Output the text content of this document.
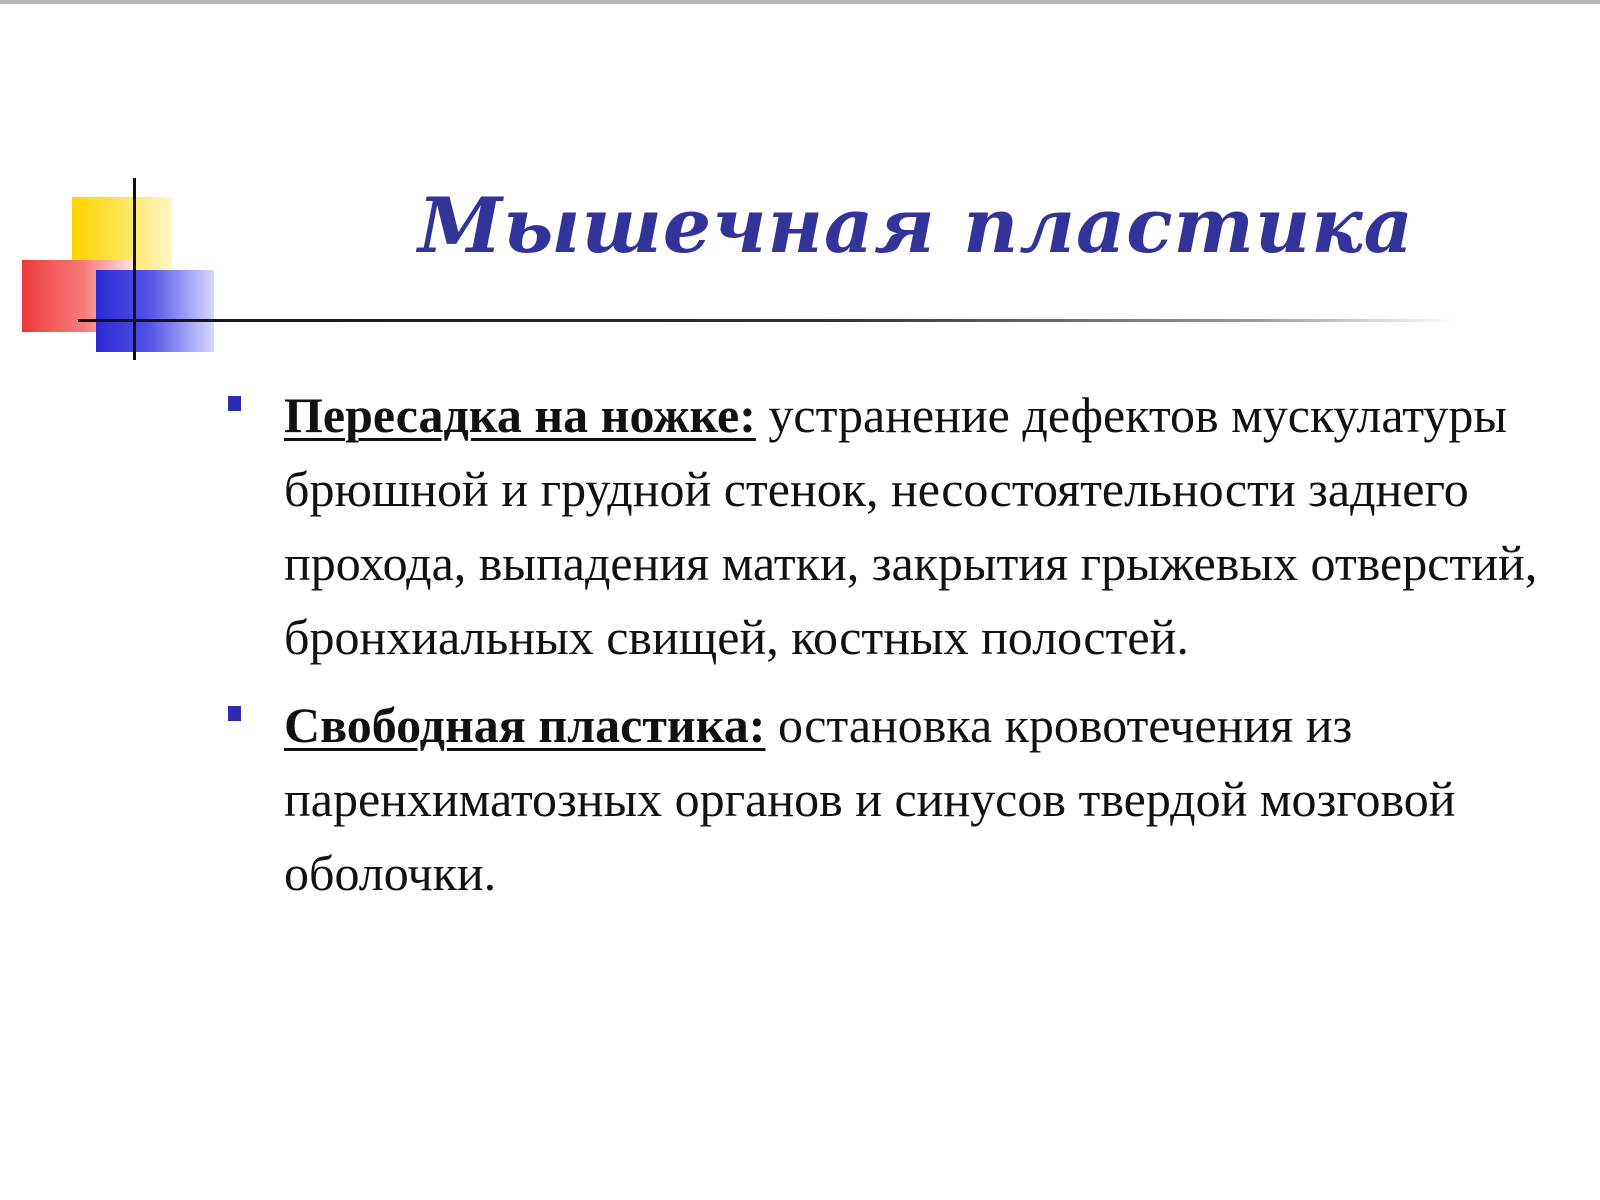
Мышечная пластика
Пересадка на ножке: устранение дефектов мускулатуры брюшной и грудной стенок, несостоятельности заднего прохода, выпадения матки, закрытия грыжевых отверстий, бронхиальных свищей, костных полостей.
Свободная пластика: остановка кровотечения из паренхиматозных органов и синусов твердой мозговой оболочки.
